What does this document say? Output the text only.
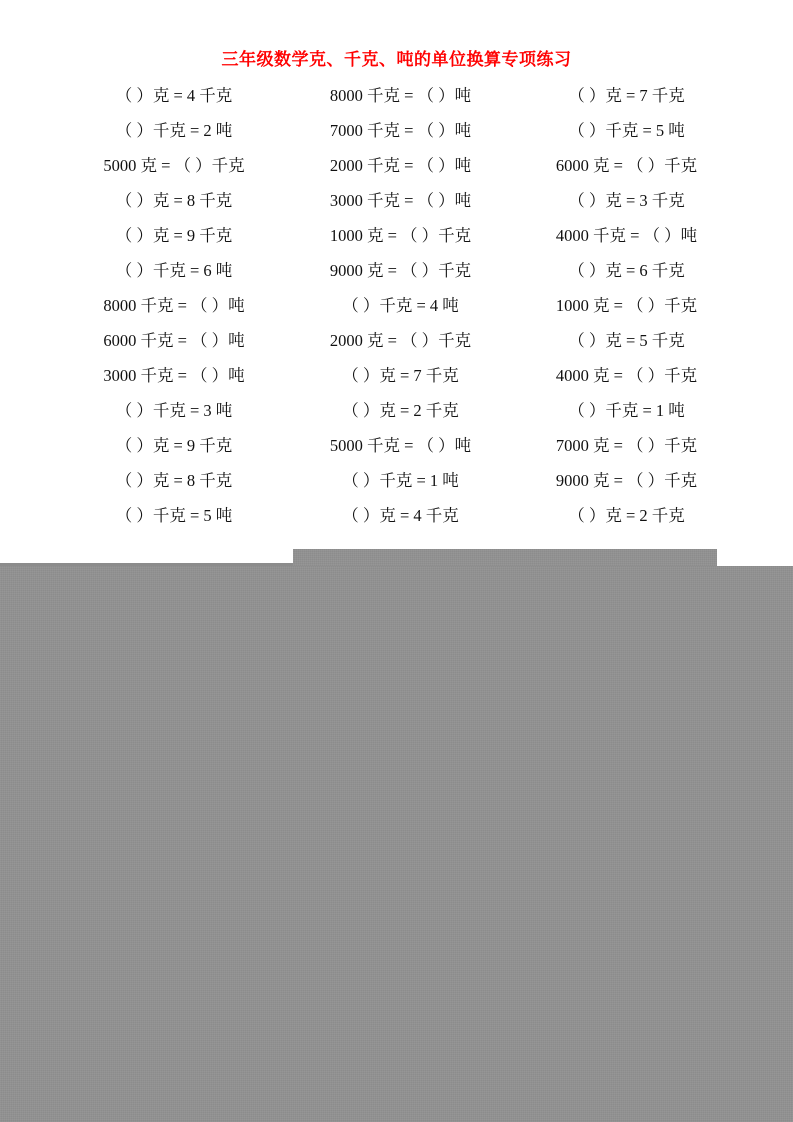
三年级数学克、千克、吨的单位换算专项练习
（ ）克 = 4 千克	8000 千克 = （ ）吨	（ ）克 = 7 千克
（ ）千克 = 2 吨	7000 千克 = （ ）吨	（ ）千克 = 5 吨
5000 克 = （ ）千克	2000 千克 = （ ）吨	6000 克 = （ ）千克
（ ）克 = 8 千克	3000 千克 = （ ）吨	（ ）克 = 3 千克
（ ）克 = 9 千克	1000 克 = （ ）千克	4000 千克 = （ ）吨
（ ）千克 = 6 吨	9000 克 = （ ）千克	（ ）克 = 6 千克
8000 千克 = （ ）吨	（ ）千克 = 4 吨	1000 克 = （ ）千克
6000 千克 = （ ）吨	2000 克 = （ ）千克	（ ）克 = 5 千克
3000 千克 = （ ）吨	（ ）克 = 7 千克	4000 克 = （ ）千克
（ ）千克 = 3 吨	（ ）克 = 2 千克	（ ）千克 = 1 吨
（ ）克 = 9 千克	5000 千克 = （ ）吨	7000 克 = （ ）千克
（ ）克 = 8 千克	（ ）千克 = 1 吨	9000 克 = （ ）千克
（ ）千克 = 5 吨	（ ）克 = 4 千克	（ ）克 = 2 千克
